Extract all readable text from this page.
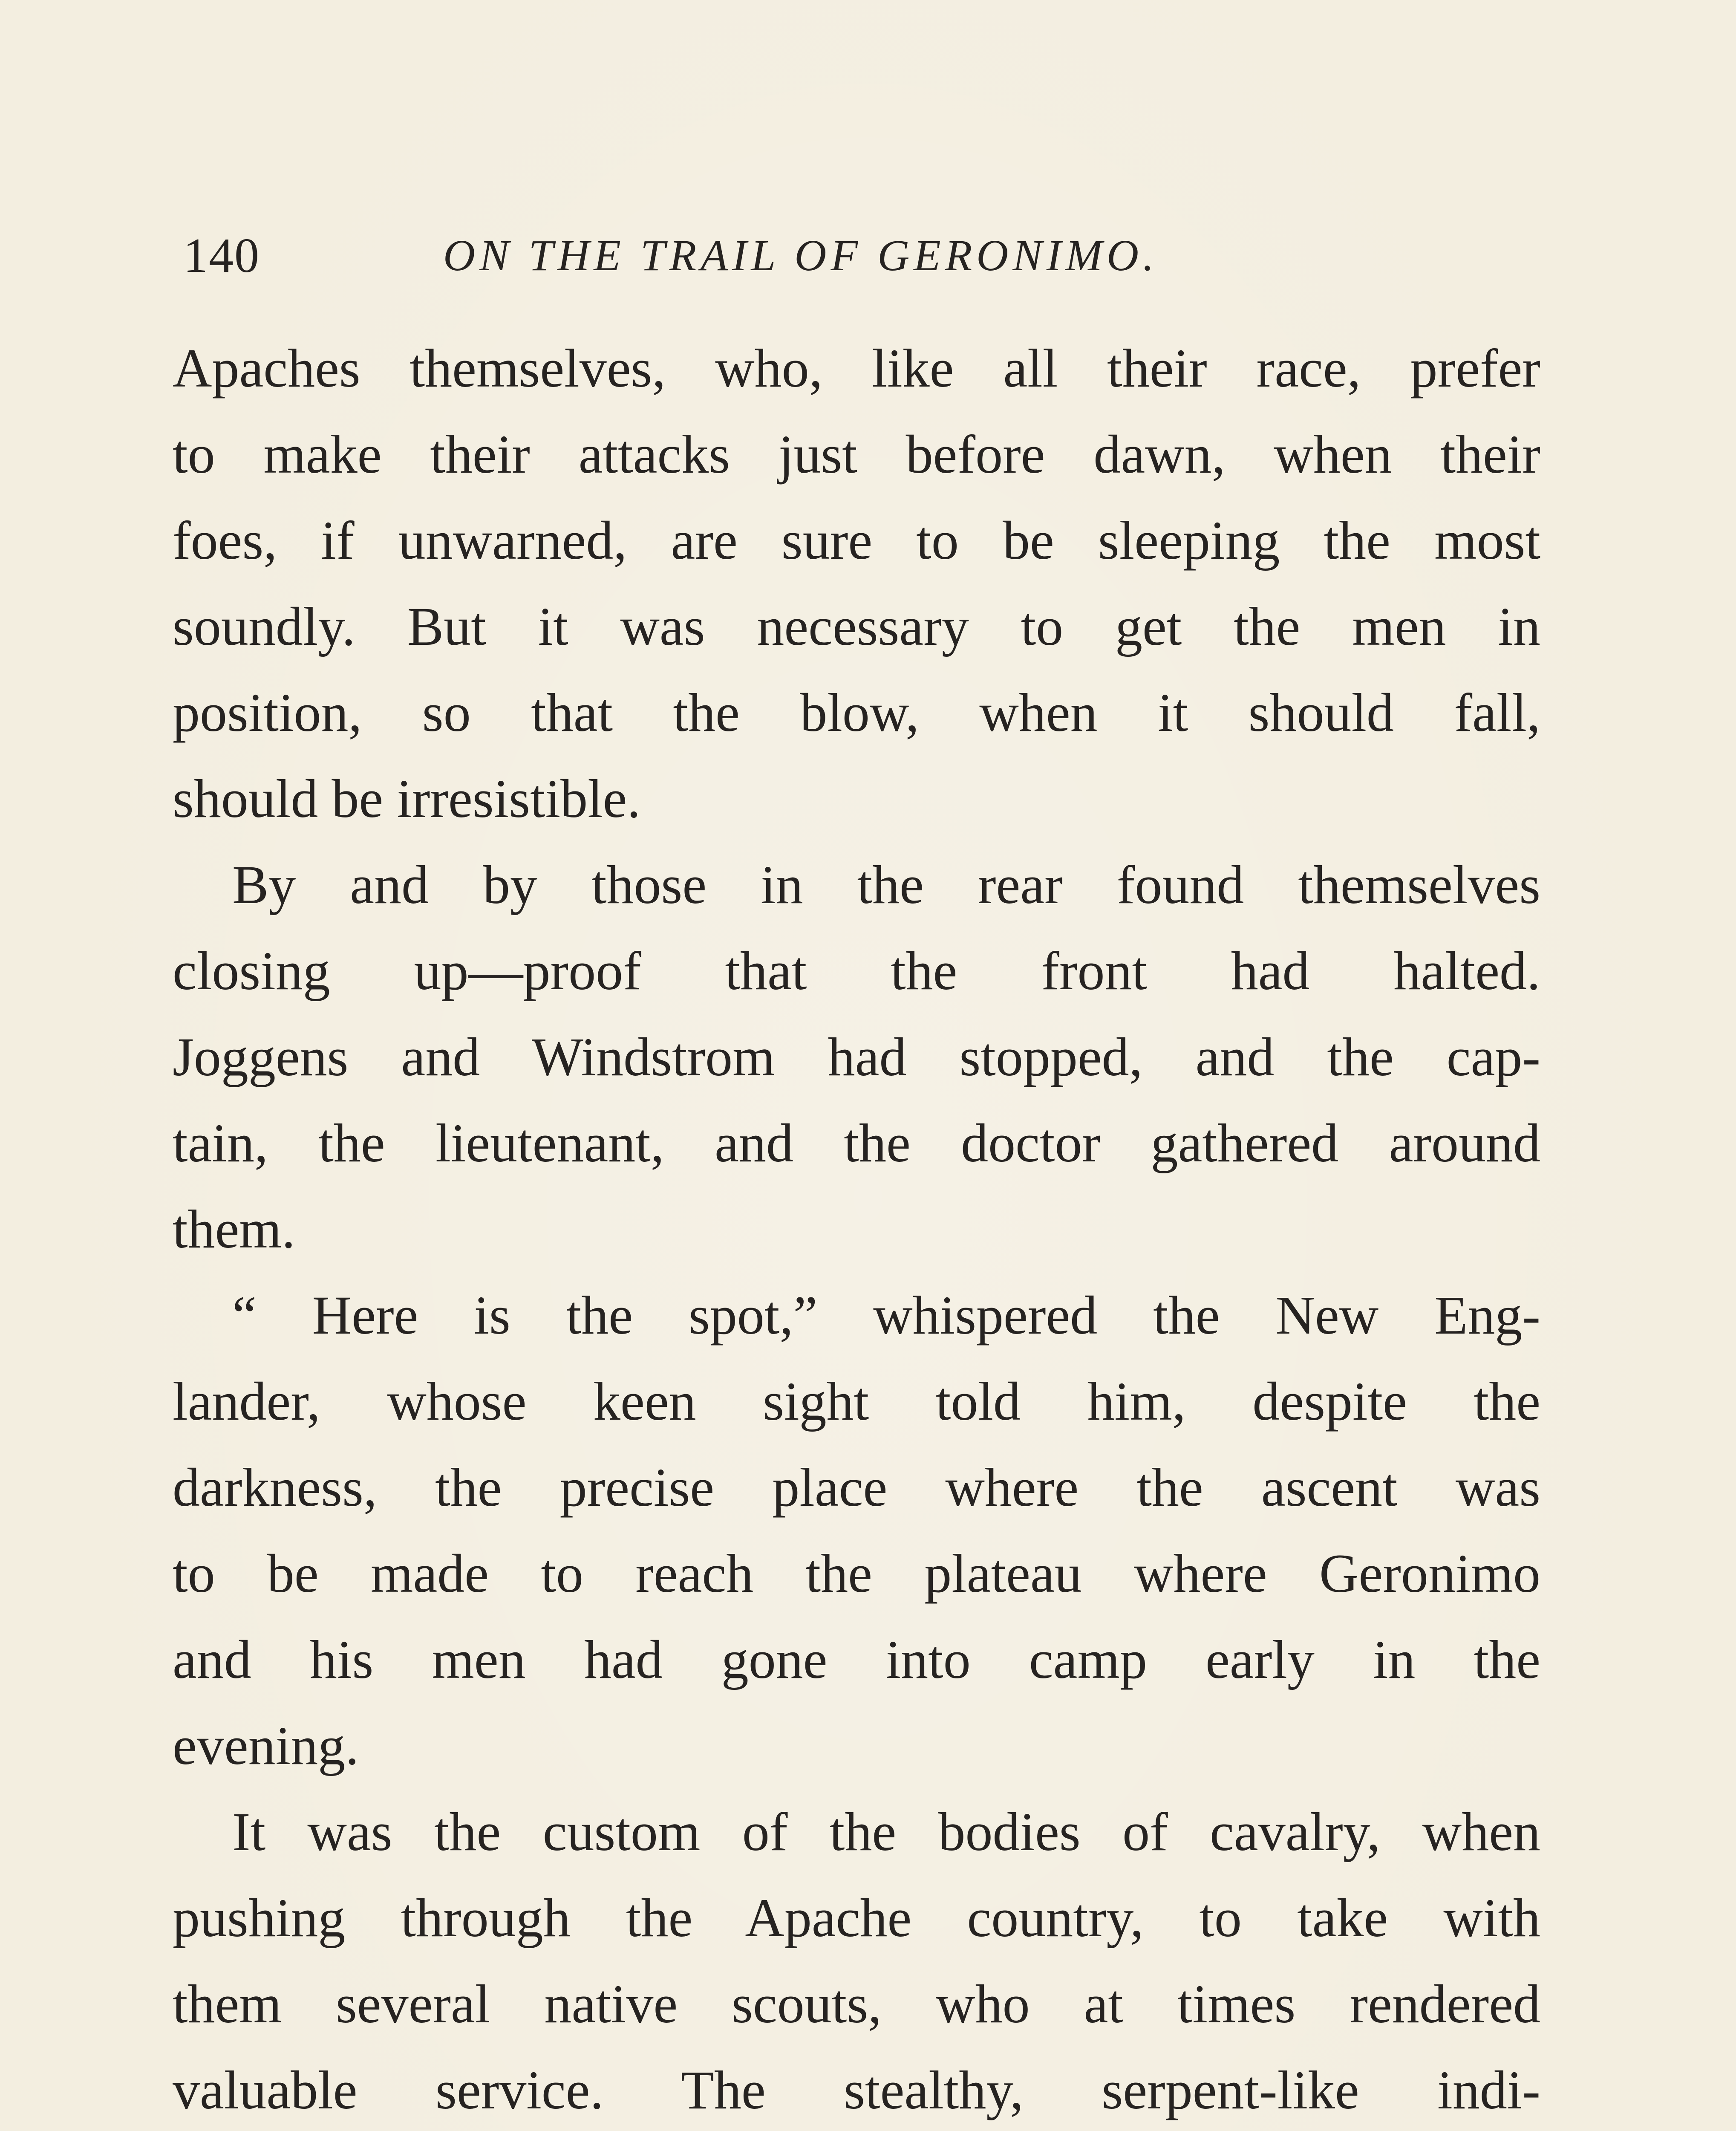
140	ON THE TRAIL OF GERONIMO.

Apaches themselves, who, like all their race, prefer
to make their attacks just before dawn, when their
foes, if unwarned, are sure to be sleeping the most
soundly. But it was necessary to get the men in
position, so that the blow, when it should fall,
should be irresistible.

By and by those in the rear found themselves
closing up—proof that the front had halted.
Joggens and Windstrom had stopped, and the cap-
tain, the lieutenant, and the doctor gathered around
them.

“ Here is the spot,” whispered the New Eng-
lander, whose keen sight told him, despite the
darkness, the precise place where the ascent was
to be made to reach the plateau where Geronimo
and his men had gone into camp early in the
evening.

It was the custom of the bodies of cavalry, when
pushing through the Apache country, to take with
them several native scouts, who at times rendered
valuable service. The stealthy, serpent-like indi-
